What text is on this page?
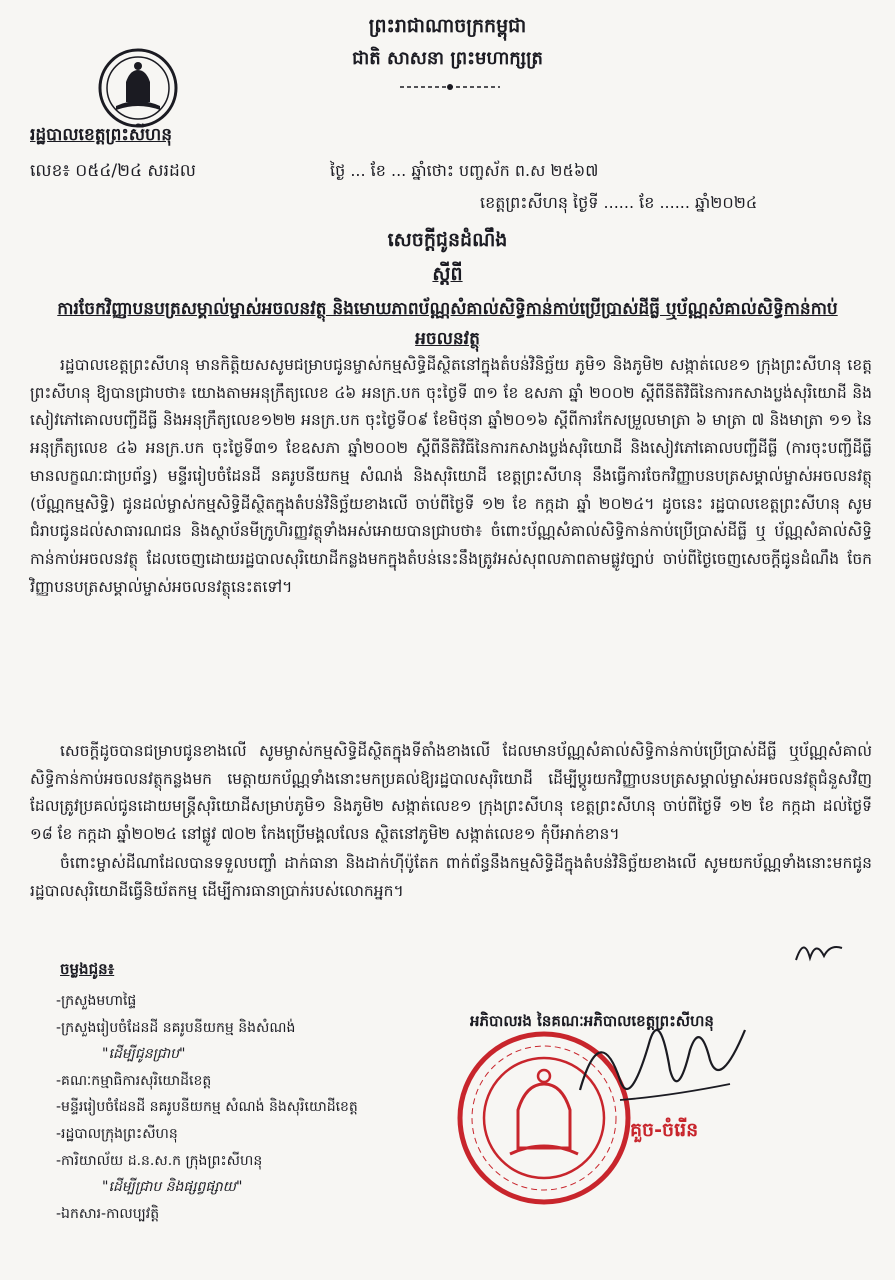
ព្រះរាជាណាចក្រកម្ពុជា
ជាតិ សាសនា ព្រះមហាក្សត្រ
រដ្ឋបាលខេត្តព្រះសីហនុ
លេខ៖ ០៥៤/២៤ សរដល	ថ្ងៃ ... ខែ ... ឆ្នាំថោះ បញ្ចស័ក ព.ស ២៥៦៧
ខេត្តព្រះសីហនុ ថ្ងៃទី ...... ខែ ...... ឆ្នាំ២០២៤
សេចក្តីជូនដំណឹង
ស្តីពី
ការចែកវិញ្ញាបនបត្រសម្គាល់ម្ចាស់អចលនវត្ថុ និងមោឃភាពប័ណ្ណសំគាល់សិទ្ធិកាន់កាប់ប្រើប្រាស់ដីធ្លី ឬប័ណ្ណសំគាល់សិទ្ធិកាន់កាប់អចលនវត្ថុ
រដ្ឋបាលខេត្តព្រះសីហនុ មានកិត្តិយសសូមជម្រាបជូនម្ចាស់កម្មសិទ្ធិដីស្ថិតនៅក្នុងតំបន់វិនិច្ឆ័យ ភូមិ១ និងភូមិ២ សង្កាត់លេខ១ ក្រុងព្រះសីហនុ ខេត្តព្រះសីហនុ ឱ្យបានជ្រាបថា៖ យោងតាមអនុក្រឹត្យលេខ ៤៦ អនក្រ.បក ចុះថ្ងៃទី ៣១ ខែ ឧសភា ឆ្នាំ ២០០២ ស្តីពីនីតិវិធីនៃការកសាងប្លង់សុរិយោដី និងសៀវភៅគោលបញ្ជីដីធ្លី និងអនុក្រឹត្យលេខ១២២ អនក្រ.បក ចុះថ្ងៃទី០៩ ខែមិថុនា ឆ្នាំ២០១៦ ស្តីពីការកែសម្រួលមាត្រា ៦ មាត្រា ៧ និងមាត្រា ១១ នៃអនុក្រឹត្យលេខ ៤៦ អនក្រ.បក ចុះថ្ងៃទី៣១ ខែឧសភា ឆ្នាំ២០០២ ស្តីពីនីតិវិធីនៃការកសាងប្លង់សុរិយោដី និងសៀវភៅគោលបញ្ជីដីធ្លី (ការចុះបញ្ជីដីធ្លីមានលក្ខណៈជាប្រព័ន្ធ) មន្ទីររៀបចំដែនដី នគរូបនីយកម្ម សំណង់ និងសុរិយោដី ខេត្តព្រះសីហនុ នឹងធ្វើការចែកវិញ្ញាបនបត្រសម្គាល់ម្ចាស់អចលនវត្ថុ (ប័ណ្ណកម្មសិទ្ធិ) ជូនដល់ម្ចាស់កម្មសិទ្ធិដីស្ថិតក្នុងតំបន់វិនិច្ឆ័យខាងលើ ចាប់ពីថ្ងៃទី ១២ ខែ កក្កដា ឆ្នាំ ២០២៤។ ដូចនេះ រដ្ឋបាលខេត្តព្រះសីហនុ សូមជំរាបជូនដល់សាធារណជន និងស្ថាប័នមីក្រូហិរញ្ញវត្ថុទាំងអស់អោយបានជ្រាបថា៖ ចំពោះប័ណ្ណសំគាល់សិទ្ធិកាន់កាប់ប្រើប្រាស់ដីធ្លី ឬ ប័ណ្ណសំគាល់សិទ្ធិកាន់កាប់អចលនវត្ថុ ដែលចេញដោយរដ្ឋបាលសុរិយោដីកន្លងមកក្នុងតំបន់នេះនឹងត្រូវអស់សុពលភាពតាមផ្លូវច្បាប់ ចាប់ពីថ្ងៃចេញសេចក្តីជូនដំណឹង ចែកវិញ្ញាបនបត្រសម្គាល់ម្ចាស់អចលនវត្ថុនេះតទៅ។
សេចក្តីដូចបានជម្រាបជូនខាងលើ សូមម្ចាស់កម្មសិទ្ធិដីស្ថិតក្នុងទីតាំងខាងលើ ដែលមានប័ណ្ណសំគាល់សិទ្ធិកាន់កាប់ប្រើប្រាស់ដីធ្លី ឬប័ណ្ណសំគាល់សិទ្ធិកាន់កាប់អចលនវត្ថុកន្លងមក មេត្តាយកប័ណ្ណទាំងនោះមកប្រគល់ឱ្យរដ្ឋបាលសុរិយោដី ដើម្បីប្តូរយកវិញ្ញាបនបត្រសម្គាល់ម្ចាស់អចលនវត្ថុជំនួសវិញ ដែលត្រូវប្រគល់ជូនដោយមន្ត្រីសុរិយោដីសម្រាប់ភូមិ១ និងភូមិ២ សង្កាត់លេខ១ ក្រុងព្រះសីហនុ ខេត្តព្រះសីហនុ ចាប់ពីថ្ងៃទី ១២ ខែ កក្កដា ដល់ថ្ងៃទី ១៨ ខែ កក្កដា ឆ្នាំ២០២៤ នៅផ្លូវ ៧០២ កែងប្រើមង្គលលែន ស្ថិតនៅភូមិ២ សង្កាត់លេខ១ កុំបីអាក់ខាន។
ចំពោះម្ចាស់ដីណាដែលបានទទួលបញ្ចាំ ដាក់ធានា និងដាក់ហ៊ីប៉ូតែក ពាក់ព័ន្ធនឹងកម្មសិទ្ធិដីក្នុងតំបន់វិនិច្ឆ័យខាងលើ សូមយកប័ណ្ណទាំងនោះមកជូនរដ្ឋបាលសុរិយោដីធ្វើនិយ័តកម្ម ដើម្បីការធានាប្រាក់របស់លោកអ្នក។
ចម្លងជូន៖
-ក្រសួងមហាផ្ទៃ
-ក្រសួងរៀបចំដែនដី នគរូបនីយកម្ម និងសំណង់
"ដើម្បីជូនជ្រាប"
-គណៈកម្មាធិការសុរិយោដីខេត្ត
-មន្ទីររៀបចំដែនដី នគរូបនីយកម្ម សំណង់ និងសុរិយោដីខេត្ត
-រដ្ឋបាលក្រុងព្រះសីហនុ
-ការិយាល័យ ដ.ន.ស.ក ក្រុងព្រះសីហនុ
"ដើម្បីជ្រាប និងផ្សព្វផ្សាយ"
-ឯកសារ-កាលប្បវត្តិ
អភិបាលរង នៃគណៈអភិបាលខេត្តព្រះសីហនុ
គួច-ចំរើន
